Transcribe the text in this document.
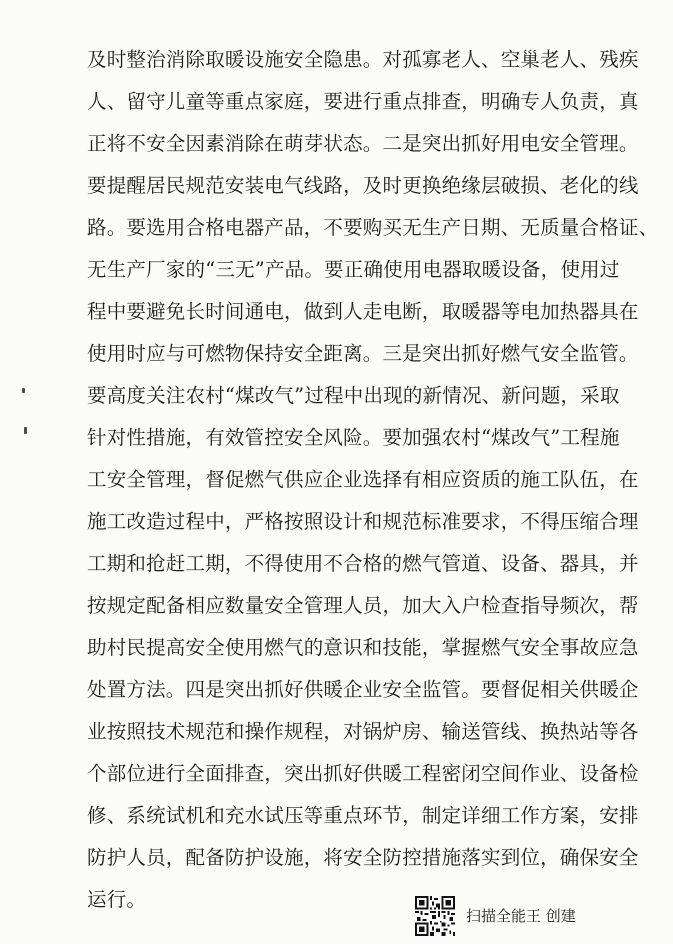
及时整治消除取暖设施安全隐患。对孤寡老人、空巢老人、残疾
人、留守儿童等重点家庭，要进行重点排查，明确专人负责，真
正将不安全因素消除在萌芽状态。二是突出抓好用电安全管理。
要提醒居民规范安装电气线路，及时更换绝缘层破损、老化的线
路。要选用合格电器产品，不要购买无生产日期、无质量合格证、
无生产厂家的“三无”产品。要正确使用电器取暖设备，使用过
程中要避免长时间通电，做到人走电断，取暖器等电加热器具在
使用时应与可燃物保持安全距离。三是突出抓好燃气安全监管。
要高度关注农村“煤改气”过程中出现的新情况、新问题，采取
针对性措施，有效管控安全风险。要加强农村“煤改气”工程施
工安全管理，督促燃气供应企业选择有相应资质的施工队伍，在
施工改造过程中，严格按照设计和规范标准要求，不得压缩合理
工期和抢赶工期，不得使用不合格的燃气管道、设备、器具，并
按规定配备相应数量安全管理人员，加大入户检查指导频次，帮
助村民提高安全使用燃气的意识和技能，掌握燃气安全事故应急
处置方法。四是突出抓好供暖企业安全监管。要督促相关供暖企
业按照技术规范和操作规程，对锅炉房、输送管线、换热站等各
个部位进行全面排查，突出抓好供暖工程密闭空间作业、设备检
修、系统试机和充水试压等重点环节，制定详细工作方案，安排
防护人员，配备防护设施，将安全防控措施落实到位，确保安全
运行。
扫描全能王 创建
